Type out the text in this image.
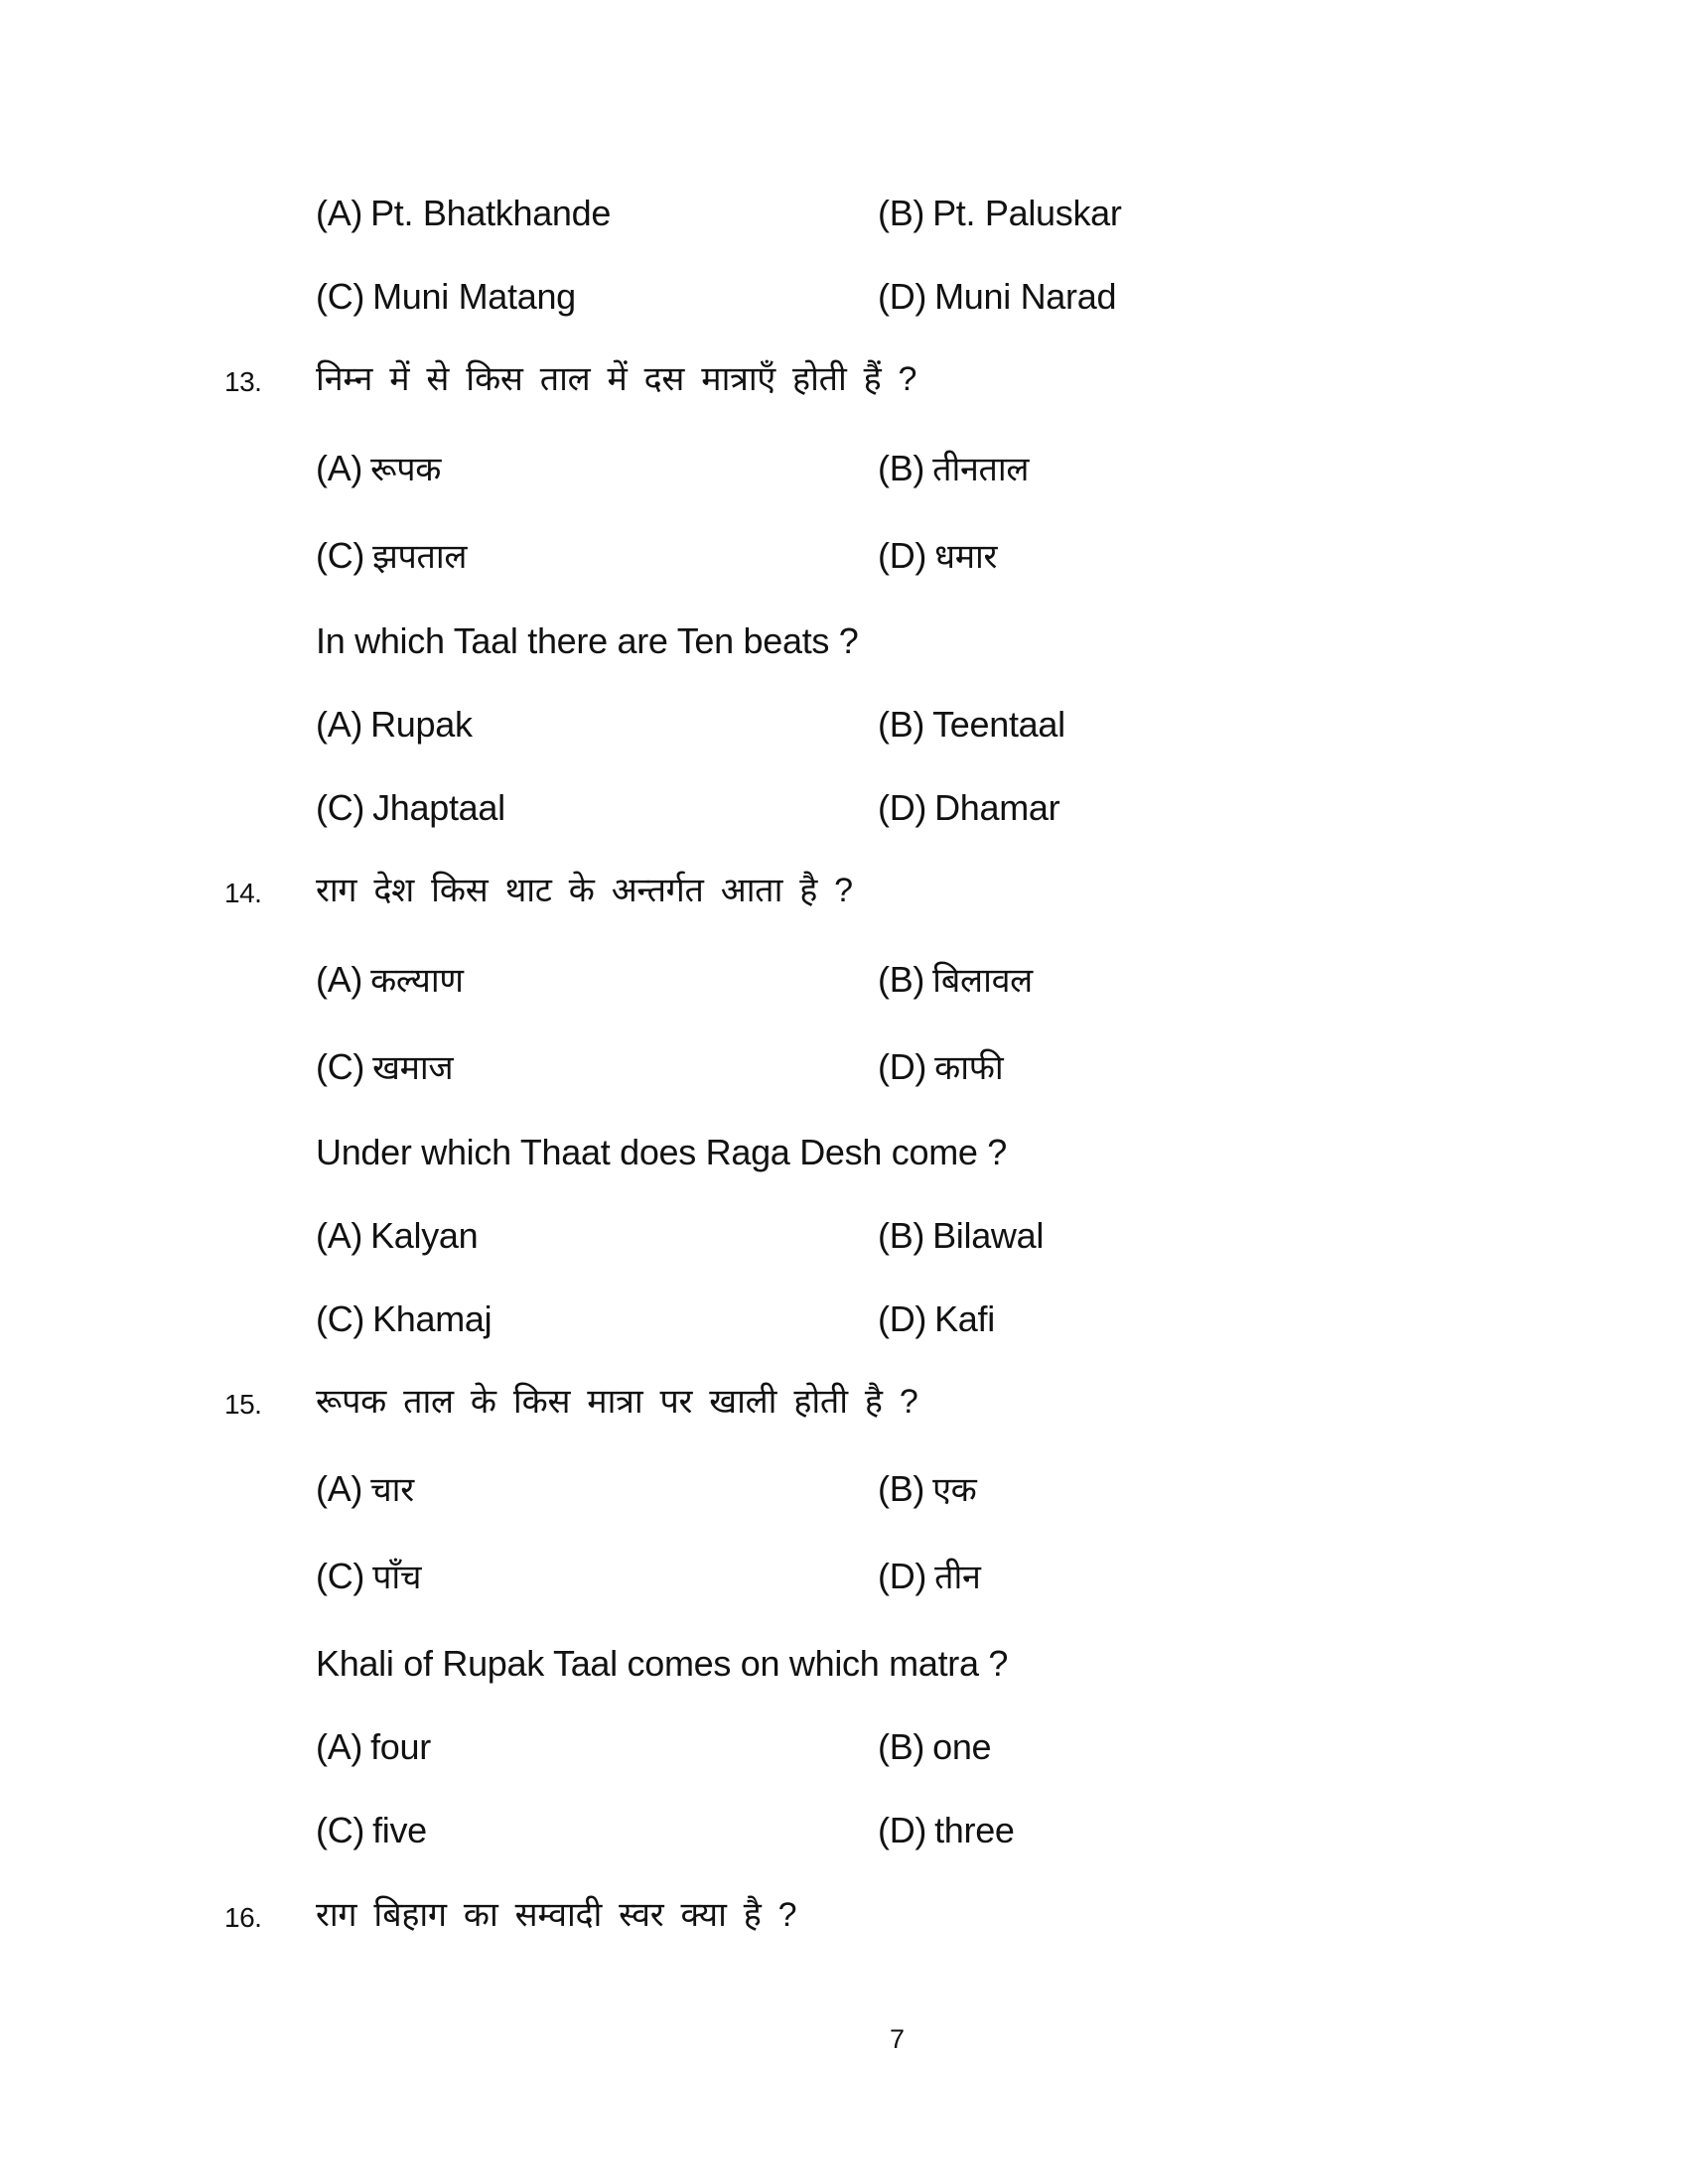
(A) Pt. Bhatkhande	(B) Pt. Paluskar
(C) Muni Matang	(D) Muni Narad
13. निम्न में से किस ताल में दस मात्राएँ होती हैं ?
(A) रूपक	(B) तीनताल
(C) झपताल	(D) धमार
In which Taal there are Ten beats ?
(A) Rupak	(B) Teentaal
(C) Jhaptaal	(D) Dhamar
14. राग देश किस थाट के अन्तर्गत आता है ?
(A) कल्याण	(B) बिलावल
(C) खमाज	(D) काफी
Under which Thaat does Raga Desh come ?
(A) Kalyan	(B) Bilawal
(C) Khamaj	(D) Kafi
15. रूपक ताल के किस मात्रा पर खाली होती है ?
(A) चार	(B) एक
(C) पाँच	(D) तीन
Khali of Rupak Taal comes on which matra ?
(A) four	(B) one
(C) five	(D) three
16. राग बिहाग का सम्वादी स्वर क्या है ?
7
